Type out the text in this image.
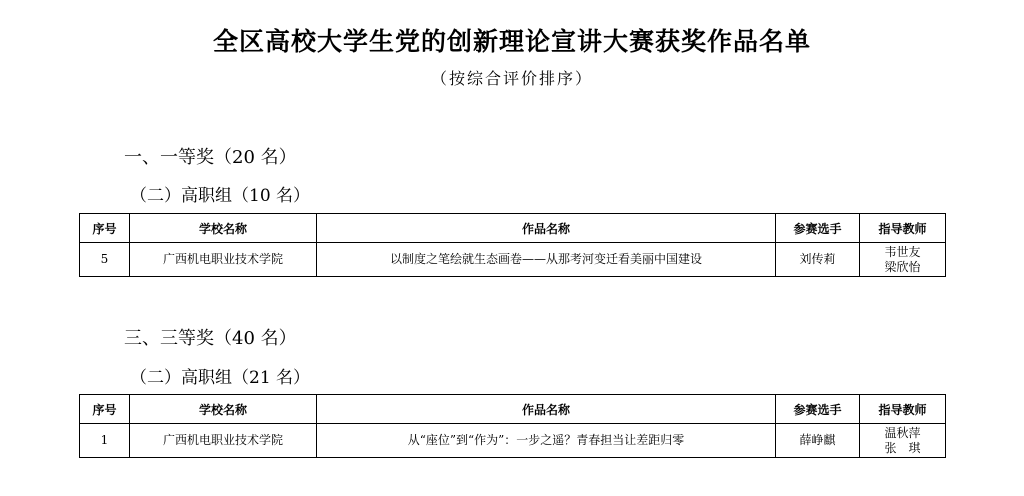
全区高校大学生党的创新理论宣讲大赛获奖作品名单
（按综合评价排序）
一、一等奖（20 名）
（二）高职组（10 名）
序号	学校名称	作品名称	参赛选手	指导教师
5	广西机电职业技术学院	以制度之笔绘就生态画卷——从那考河变迁看美丽中国建设	刘传莉	韦世友
梁欣怡
三、三等奖（40 名）
（二）高职组（21 名）
序号	学校名称	作品名称	参赛选手	指导教师
1	广西机电职业技术学院	从“座位”到“作为”：一步之遥？青春担当让差距归零	薛峥麒	温秋萍
张　琪
